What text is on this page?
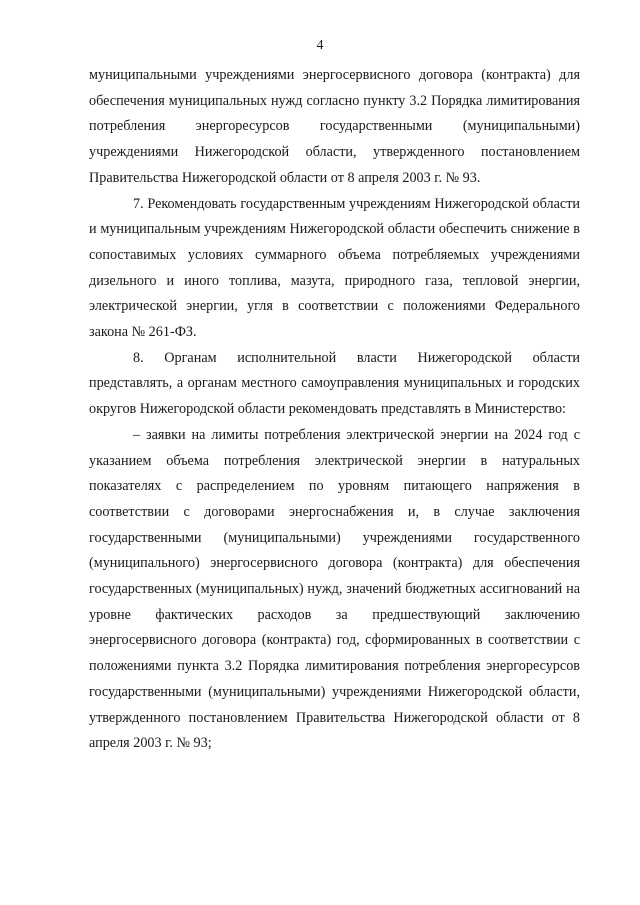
4

муниципальными учреждениями энергосервисного договора (контракта) для обеспечения муниципальных нужд согласно пункту 3.2 Порядка лимитирования потребления энергоресурсов государственными (муниципальными) учреждениями Нижегородской области, утвержденного постановлением Правительства Нижегородской области от 8 апреля 2003 г. № 93.

7. Рекомендовать государственным учреждениям Нижегородской области и муниципальным учреждениям Нижегородской области обеспечить снижение в сопоставимых условиях суммарного объема потребляемых учреждениями дизельного и иного топлива, мазута, природного газа, тепловой энергии, электрической энергии, угля в соответствии с положениями Федерального закона № 261-ФЗ.

8. Органам исполнительной власти Нижегородской области представлять, а органам местного самоуправления муниципальных и городских округов Нижегородской области рекомендовать представлять в Министерство:

– заявки на лимиты потребления электрической энергии на 2024 год с указанием объема потребления электрической энергии в натуральных показателях с распределением по уровням питающего напряжения в соответствии с договорами энергоснабжения и, в случае заключения государственными (муниципальными) учреждениями государственного (муниципального) энергосервисного договора (контракта) для обеспечения государственных (муниципальных) нужд, значений бюджетных ассигнований на уровне фактических расходов за предшествующий заключению энергосервисного договора (контракта) год, сформированных в соответствии с положениями пункта 3.2 Порядка лимитирования потребления энергоресурсов государственными (муниципальными) учреждениями Нижегородской области, утвержденного постановлением Правительства Нижегородской области от 8 апреля 2003 г. № 93;
